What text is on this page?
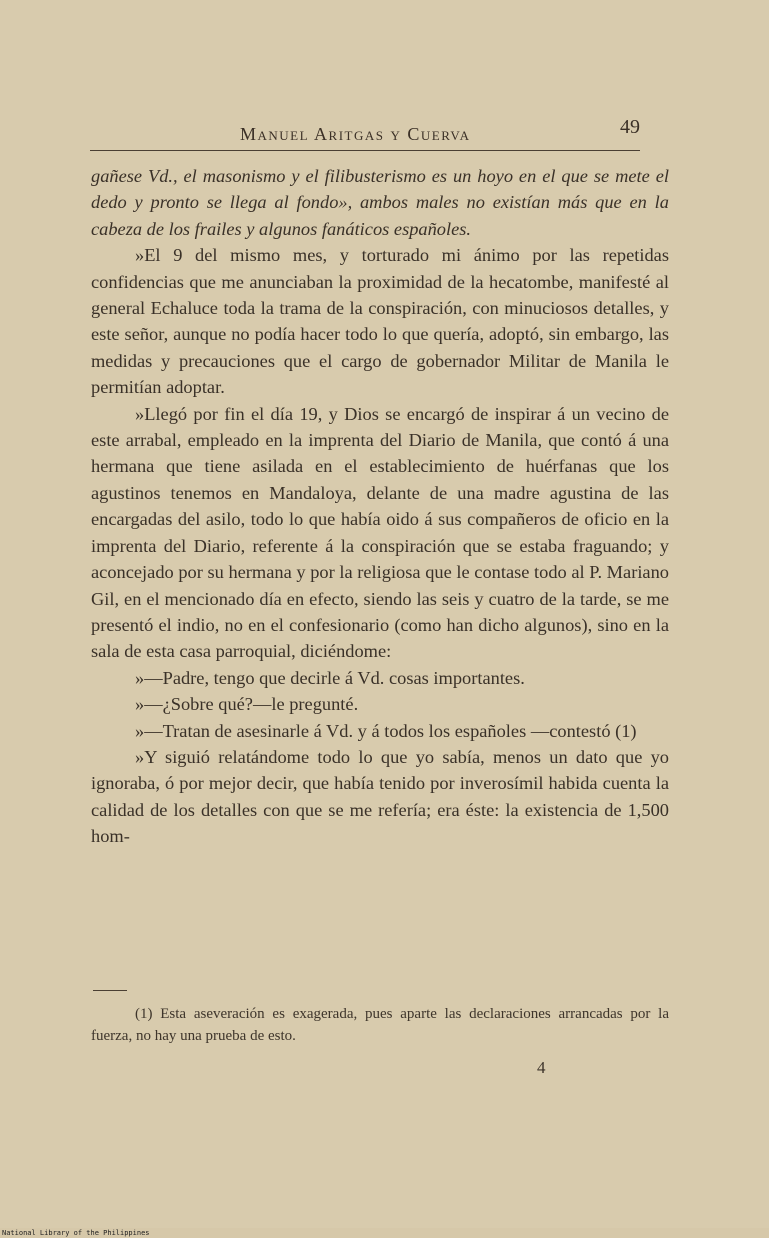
Manuel Aritgas y Cuerva	49

gañese Vd., el masonismo y el filibusterismo es un hoyo en el que se mete el dedo y pronto se llega al fondo», ambos males no existían más que en la cabeza de los frailes y algunos fanáticos españoles.

»El 9 del mismo mes, y torturado mi ánimo por las repetidas confidencias que me anunciaban la proximidad de la hecatombe, manifesté al general Echaluce toda la trama de la conspiración, con minuciosos detalles, y este señor, aunque no podía hacer todo lo que quería, adoptó, sin embargo, las medidas y precauciones que el cargo de gobernador Militar de Manila le permitían adoptar.

»Llegó por fin el día 19, y Dios se encargó de inspirar á un vecino de este arrabal, empleado en la imprenta del Diario de Manila, que contó á una hermana que tiene asilada en el establecimiento de huérfanas que los agustinos tenemos en Mandaloya, delante de una madre agustina de las encargadas del asilo, todo lo que había oido á sus compañeros de oficio en la imprenta del Diario, referente á la conspiración que se estaba fraguando; y aconcejado por su hermana y por la religiosa que le contase todo al P. Mariano Gil, en el mencionado día en efecto, siendo las seis y cuatro de la tarde, se me presentó el indio, no en el confesionario (como han dicho algunos), sino en la sala de esta casa parroquial, diciéndome:

»—Padre, tengo que decirle á Vd. cosas importantes.

»—¿Sobre qué?—le pregunté.

»—Tratan de asesinarle á Vd. y á todos los españoles —contestó (1)

»Y siguió relatándome todo lo que yo sabía, menos un dato que yo ignoraba, ó por mejor decir, que había tenido por inverosímil habida cuenta la calidad de los detalles con que se me refería; era éste: la existencia de 1,500 hom-

(1) Esta aseveración es exagerada, pues aparte las declaraciones arrancadas por la fuerza, no hay una prueba de esto.

4
National Library of the Philippines
